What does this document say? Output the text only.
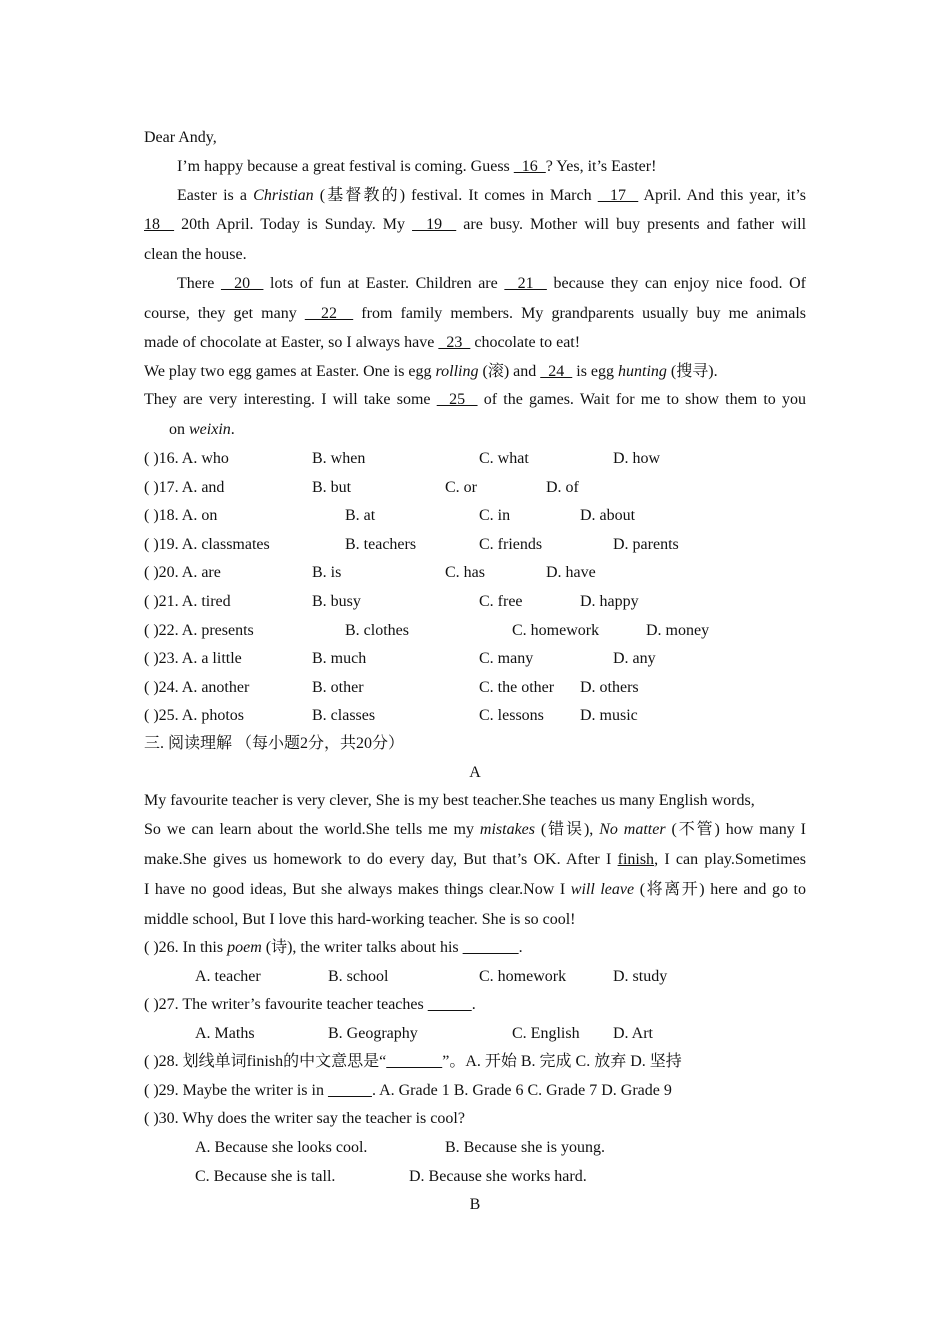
Dear Andy,
I’m happy because a great festival is coming. Guess   16  ? Yes, it’s Easter!
Easter is a Christian (基督教的) festival. It comes in March   17   April. And this year, it’s
18   20th April. Today is Sunday. My   19   are busy. Mother will buy presents and father will
clean the house.
There   20   lots of fun at Easter. Children are   21   because they can enjoy nice food. Of
course, they get many   22   from family members. My grandparents usually buy me animals
made of chocolate at Easter, so I always have   23   chocolate to eat!
We play two egg games at Easter. One is egg rolling (滚) and   24   is egg hunting (搜寻).
They are very interesting. I will take some   25   of the games. Wait for me to show them to you
on weixin.
( )16. A. who	B. when	C. what	D. how
( )17. A. and	B. but	C. or	D. of
( )18. A. on	B. at	C. in	D. about
( )19. A. classmates	B. teachers	C. friends	D. parents
( )20. A. are	B. is	C. has	D. have
( )21. A. tired	B. busy	C. free	D. happy
( )22. A. presents	B. clothes	C. homework	D. money
( )23. A. a little	B. much	C. many	D. any
( )24. A. another	B. other	C. the other D. others
( )25. A. photos	B. classes	C. lessons D. music
三. 阅读理解 （每小题2分，共20分）
A
My favourite teacher is very clever, She is my best teacher.She teaches us many English words,
So we can learn about the world.She tells me my mistakes (错误), No matter (不管) how many I
make.She gives us homework to do every day, But that’s OK. After I finish, I can play.Sometimes
I have no good ideas, But she always makes things clear.Now I will leave (将离开) here and go to
middle school, But I love this hard-working teacher. She is so cool!
( )26. In this poem (诗), the writer talks about his	.
A. teacher	B. school	C. homework	D. study
( )27. The writer’s favourite teacher teaches	.
A. Maths	B. Geography	C. English D. Art
( )28. 划线单词finish的中文意思是“	”。A. 开始 B. 完成 C. 放弃 D. 坚持
( )29. Maybe the writer is in	. A. Grade 1 B. Grade 6 C. Grade 7 D. Grade 9
( )30. Why does the writer say the teacher is cool?
A. Because she looks cool.	B. Because she is young.
C. Because she is tall.	D. Because she works hard.
B
